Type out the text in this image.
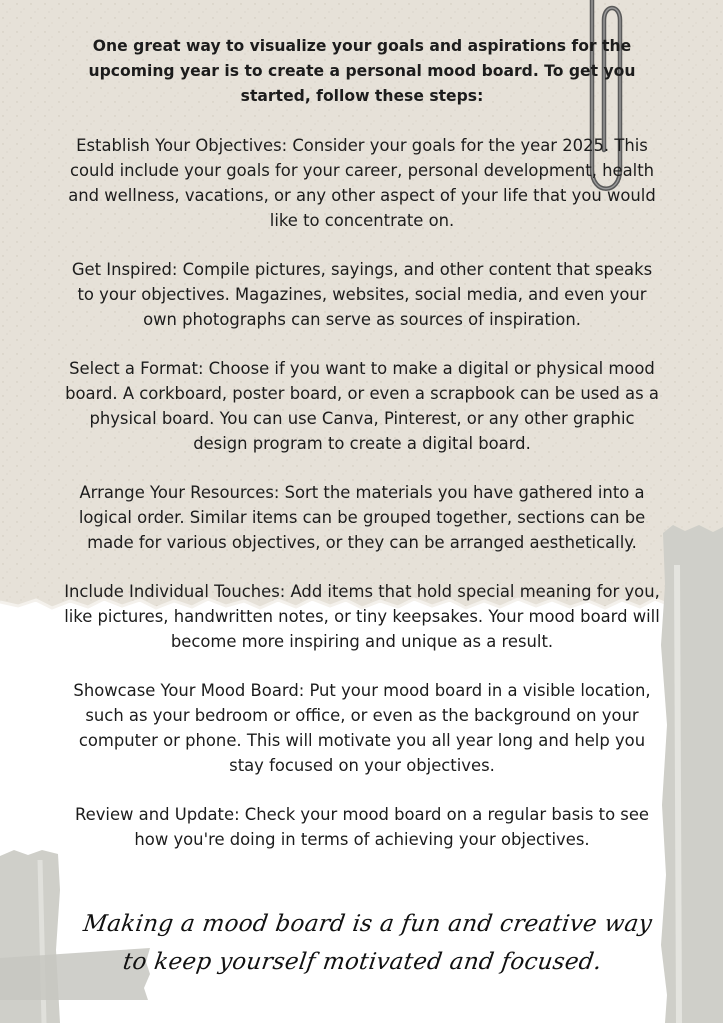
One great way to visualize your goals and aspirations for the upcoming year is to create a personal mood board. To get you started, follow these steps:

Establish Your Objectives: Consider your goals for the year 2025. This could include your goals for your career, personal development, health and wellness, vacations, or any other aspect of your life that you would like to concentrate on.

Get Inspired: Compile pictures, sayings, and other content that speaks to your objectives. Magazines, websites, social media, and even your own photographs can serve as sources of inspiration.

Select a Format: Choose if you want to make a digital or physical mood board. A corkboard, poster board, or even a scrapbook can be used as a physical board. You can use Canva, Pinterest, or any other graphic design program to create a digital board.

Arrange Your Resources: Sort the materials you have gathered into a logical order. Similar items can be grouped together, sections can be made for various objectives, or they can be arranged aesthetically.

Include Individual Touches: Add items that hold special meaning for you, like pictures, handwritten notes, or tiny keepsakes. Your mood board will become more inspiring and unique as a result.

Showcase Your Mood Board: Put your mood board in a visible location, such as your bedroom or office, or even as the background on your computer or phone. This will motivate you all year long and help you stay focused on your objectives.

Review and Update: Check your mood board on a regular basis to see how you're doing in terms of achieving your objectives.

Making a mood board is a fun and creative way to keep yourself motivated and focused.
